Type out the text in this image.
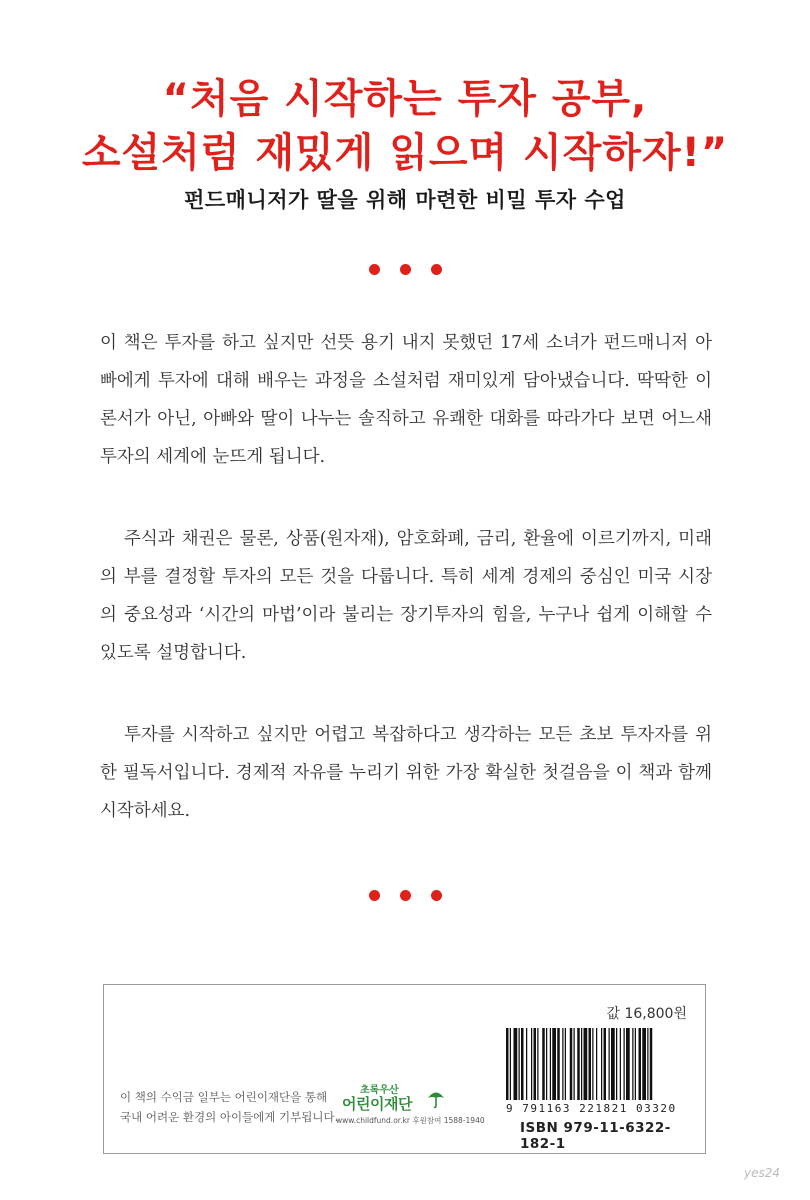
“처음 시작하는 투자 공부,
소설처럼 재밌게 읽으며 시작하자!”
펀드매니저가 딸을 위해 마련한 비밀 투자 수업

이 책은 투자를 하고 싶지만 선뜻 용기 내지 못했던 17세 소녀가 펀드매니저 아빠에게 투자에 대해 배우는 과정을 소설처럼 재미있게 담아냈습니다. 딱딱한 이론서가 아닌, 아빠와 딸이 나누는 솔직하고 유쾌한 대화를 따라가다 보면 어느새 투자의 세계에 눈뜨게 됩니다.

주식과 채권은 물론, 상품(원자재), 암호화폐, 금리, 환율에 이르기까지, 미래의 부를 결정할 투자의 모든 것을 다룹니다. 특히 세계 경제의 중심인 미국 시장의 중요성과 ‘시간의 마법’이라 불리는 장기투자의 힘을, 누구나 쉽게 이해할 수 있도록 설명합니다.

투자를 시작하고 싶지만 어렵고 복잡하다고 생각하는 모든 초보 투자자를 위한 필독서입니다. 경제적 자유를 누리기 위한 가장 확실한 첫걸음을 이 책과 함께 시작하세요.

값 16,800원
이 책의 수익금 일부는 어린이재단을 통해
국내 어려운 환경의 아이들에게 기부됩니다.
초록우산
어린이재단
www.childfund.or.kr 후원참여 1588-1940
9 791163 221821 03320
ISBN 979-11-6322-182-1
yes24
